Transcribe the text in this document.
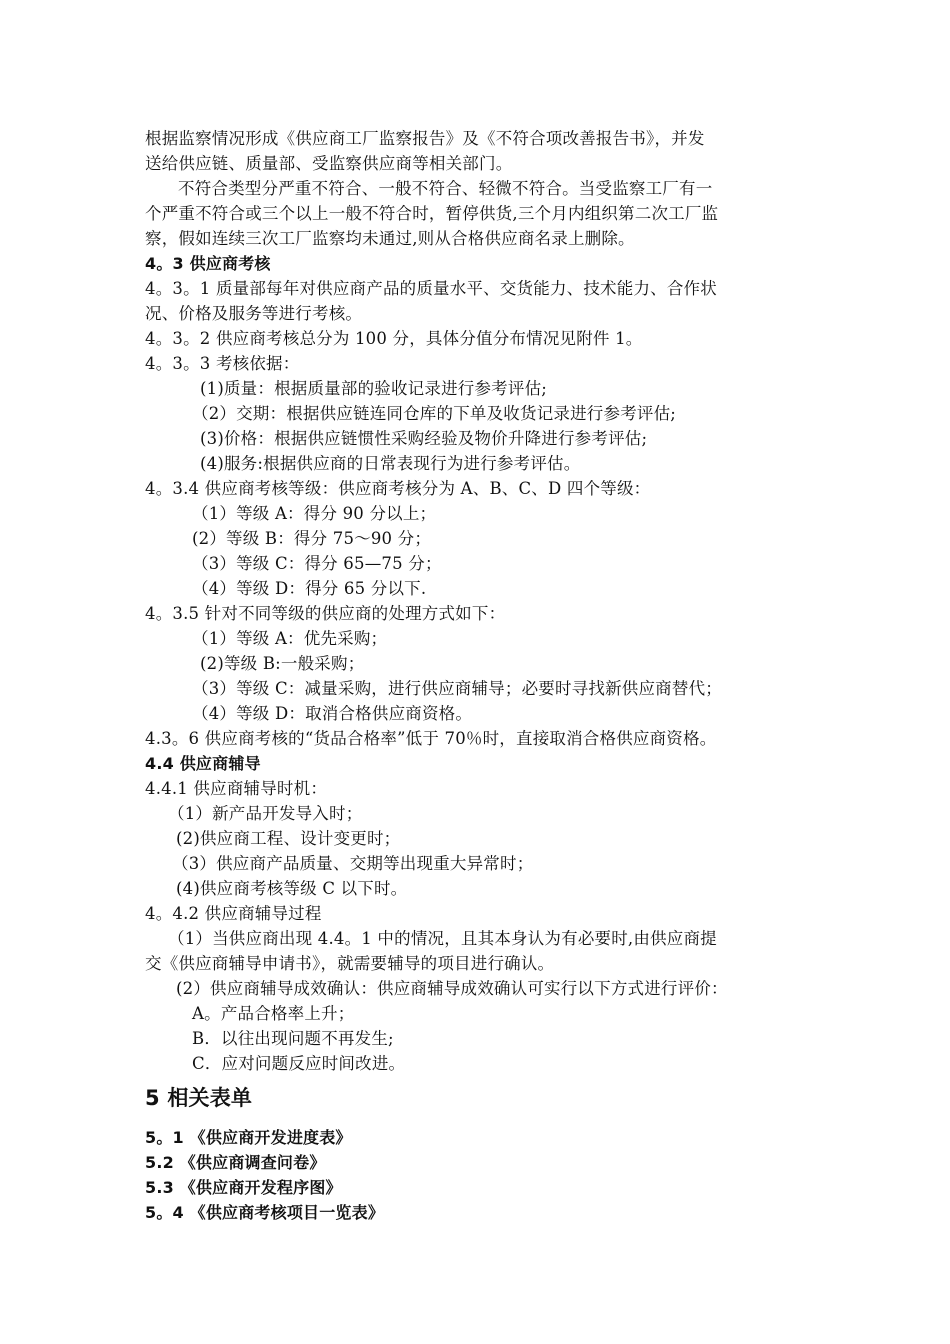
根据监察情况形成《供应商工厂监察报告》及《不符合项改善报告书》，并发
送给供应链、质量部、受监察供应商等相关部门。
不符合类型分严重不符合、一般不符合、轻微不符合。当受监察工厂有一
个严重不符合或三个以上一般不符合时，暂停供货,三个月内组织第二次工厂监
察，假如连续三次工厂监察均未通过,则从合格供应商名录上删除。
4。3 供应商考核
4。3。1 质量部每年对供应商产品的质量水平、交货能力、技术能力、合作状
况、价格及服务等进行考核。
4。3。2 供应商考核总分为 100 分，具体分值分布情况见附件 1。
4。3。3 考核依据：
(1)质量：根据质量部的验收记录进行参考评估;
（2）交期：根据供应链连同仓库的下单及收货记录进行参考评估;
(3)价格：根据供应链惯性采购经验及物价升降进行参考评估;
(4)服务:根据供应商的日常表现行为进行参考评估。
4。3.4 供应商考核等级：供应商考核分为 A、B、C、D 四个等级：
（1）等级 A：得分 90 分以上；
(2）等级 B：得分 75～90 分；
（3）等级 C：得分 65—75 分；
（4）等级 D：得分 65 分以下.
4。3.5 针对不同等级的供应商的处理方式如下：
（1）等级 A：优先采购；
(2)等级 B:一般采购；
（3）等级 C：减量采购，进行供应商辅导；必要时寻找新供应商替代；
（4）等级 D：取消合格供应商资格。
4.3。6 供应商考核的“货品合格率”低于 70％时，直接取消合格供应商资格。
4.4 供应商辅导
4.4.1 供应商辅导时机：
（1）新产品开发导入时；
(2)供应商工程、设计变更时；
（3）供应商产品质量、交期等出现重大异常时；
(4)供应商考核等级 C 以下时。
4。4.2 供应商辅导过程
（1）当供应商出现 4.4。1 中的情况，且其本身认为有必要时,由供应商提
交《供应商辅导申请书》，就需要辅导的项目进行确认。
(2）供应商辅导成效确认：供应商辅导成效确认可实行以下方式进行评价：
A。产品合格率上升；
B．以往出现问题不再发生;
C．应对问题反应时间改进。
5 相关表单
5。1 《供应商开发进度表》
5.2 《供应商调查问卷》
5.3 《供应商开发程序图》
5。4 《供应商考核项目一览表》
